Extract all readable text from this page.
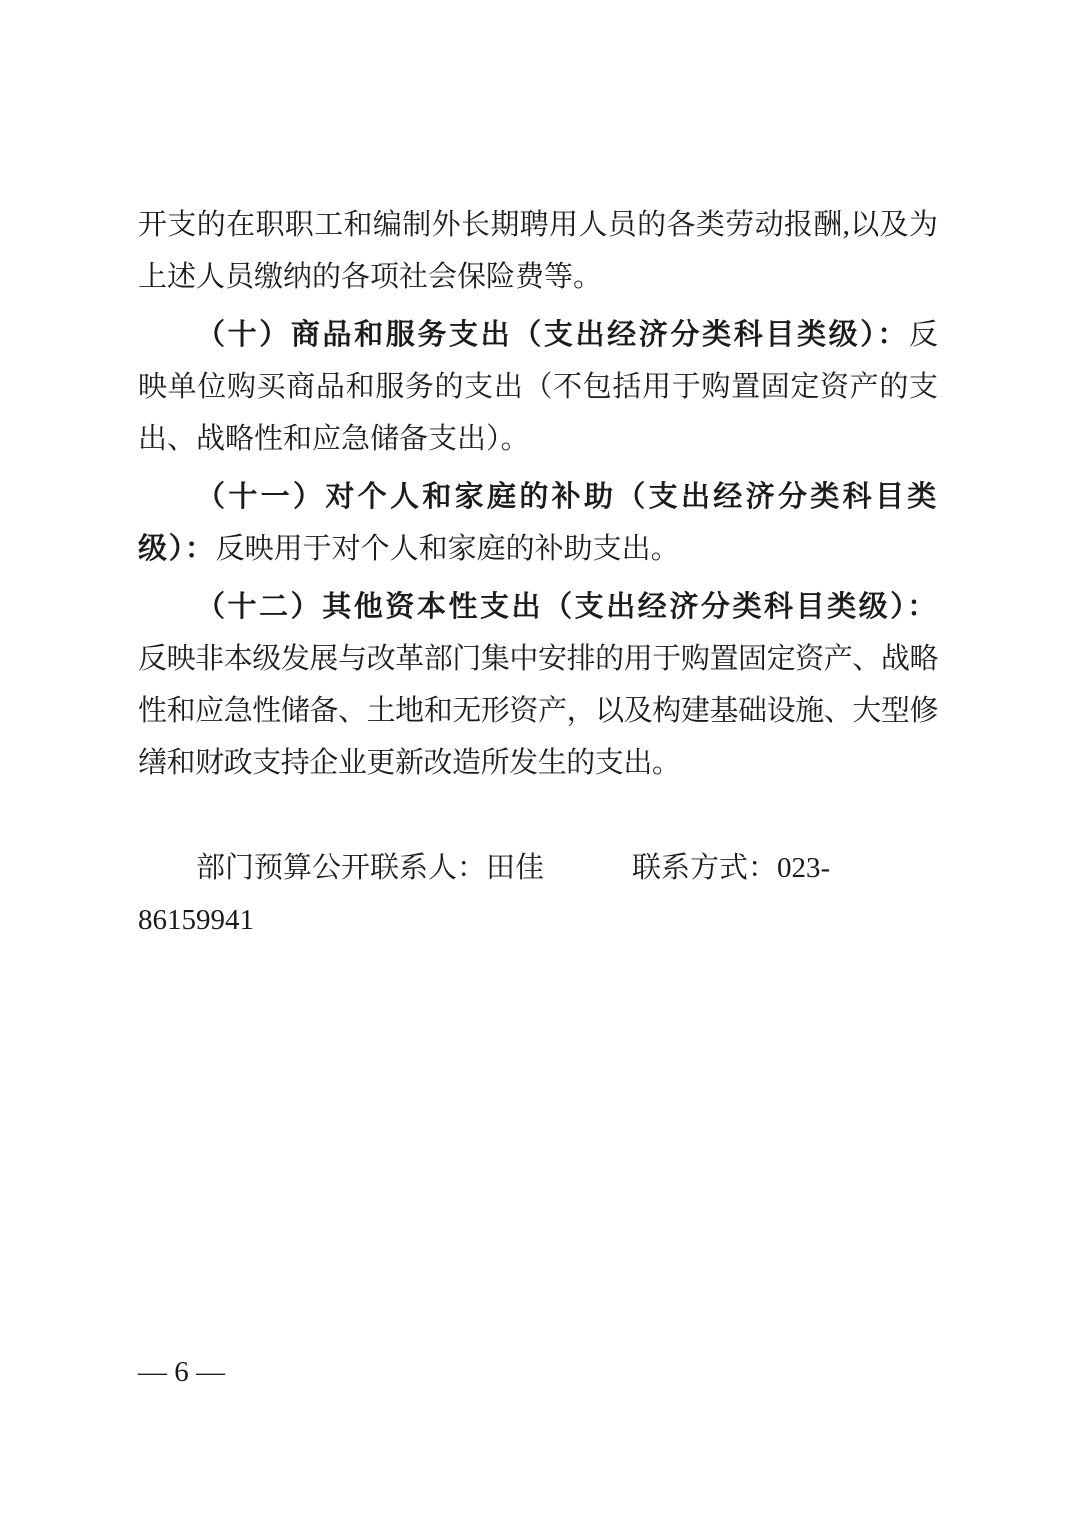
开支的在职职工和编制外长期聘用人员的各类劳动报酬,以及为上述人员缴纳的各项社会保险费等。

（十）商品和服务支出（支出经济分类科目类级）：反映单位购买商品和服务的支出（不包括用于购置固定资产的支出、战略性和应急储备支出）。

（十一）对个人和家庭的补助（支出经济分类科目类级）：反映用于对个人和家庭的补助支出。

（十二）其他资本性支出（支出经济分类科目类级）：反映非本级发展与改革部门集中安排的用于购置固定资产、战略性和应急性储备、土地和无形资产，以及构建基础设施、大型修缮和财政支持企业更新改造所发生的支出。

部门预算公开联系人：田佳	联系方式：023-86159941

— 6 —
